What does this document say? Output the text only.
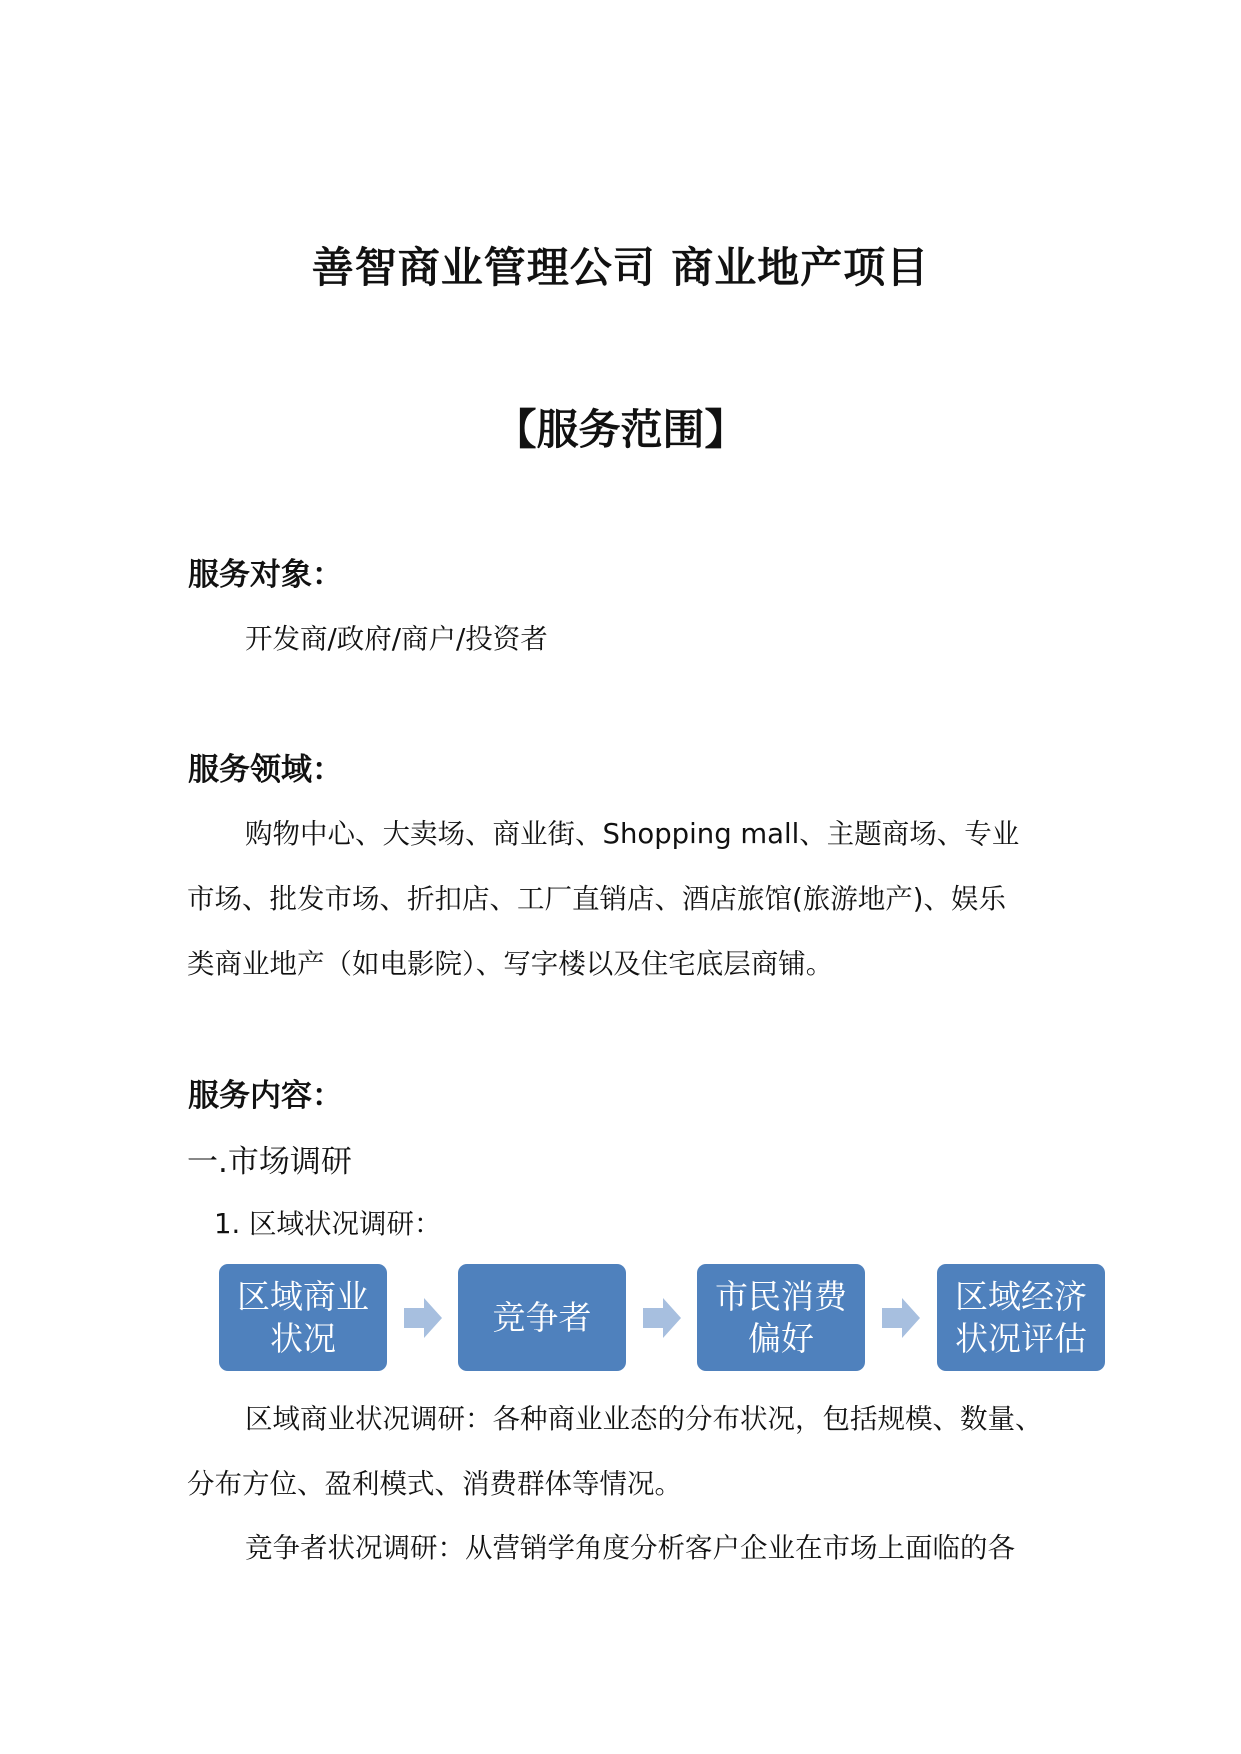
善智商业管理公司 商业地产项目
【服务范围】
服务对象：
开发商/政府/商户/投资者
服务领域：
购物中心、大卖场、商业街、Shopping mall、主题商场、专业
市场、批发市场、折扣店、工厂直销店、酒店旅馆(旅游地产)、娱乐
类商业地产（如电影院）、写字楼以及住宅底层商铺。
服务内容：
一.市场调研
1. 区域状况调研：
区域商业状况
竞争者
市民消费偏好
区域经济状况评估
区域商业状况调研：各种商业业态的分布状况，包括规模、数量、
分布方位、盈利模式、消费群体等情况。
竞争者状况调研：从营销学角度分析客户企业在市场上面临的各
